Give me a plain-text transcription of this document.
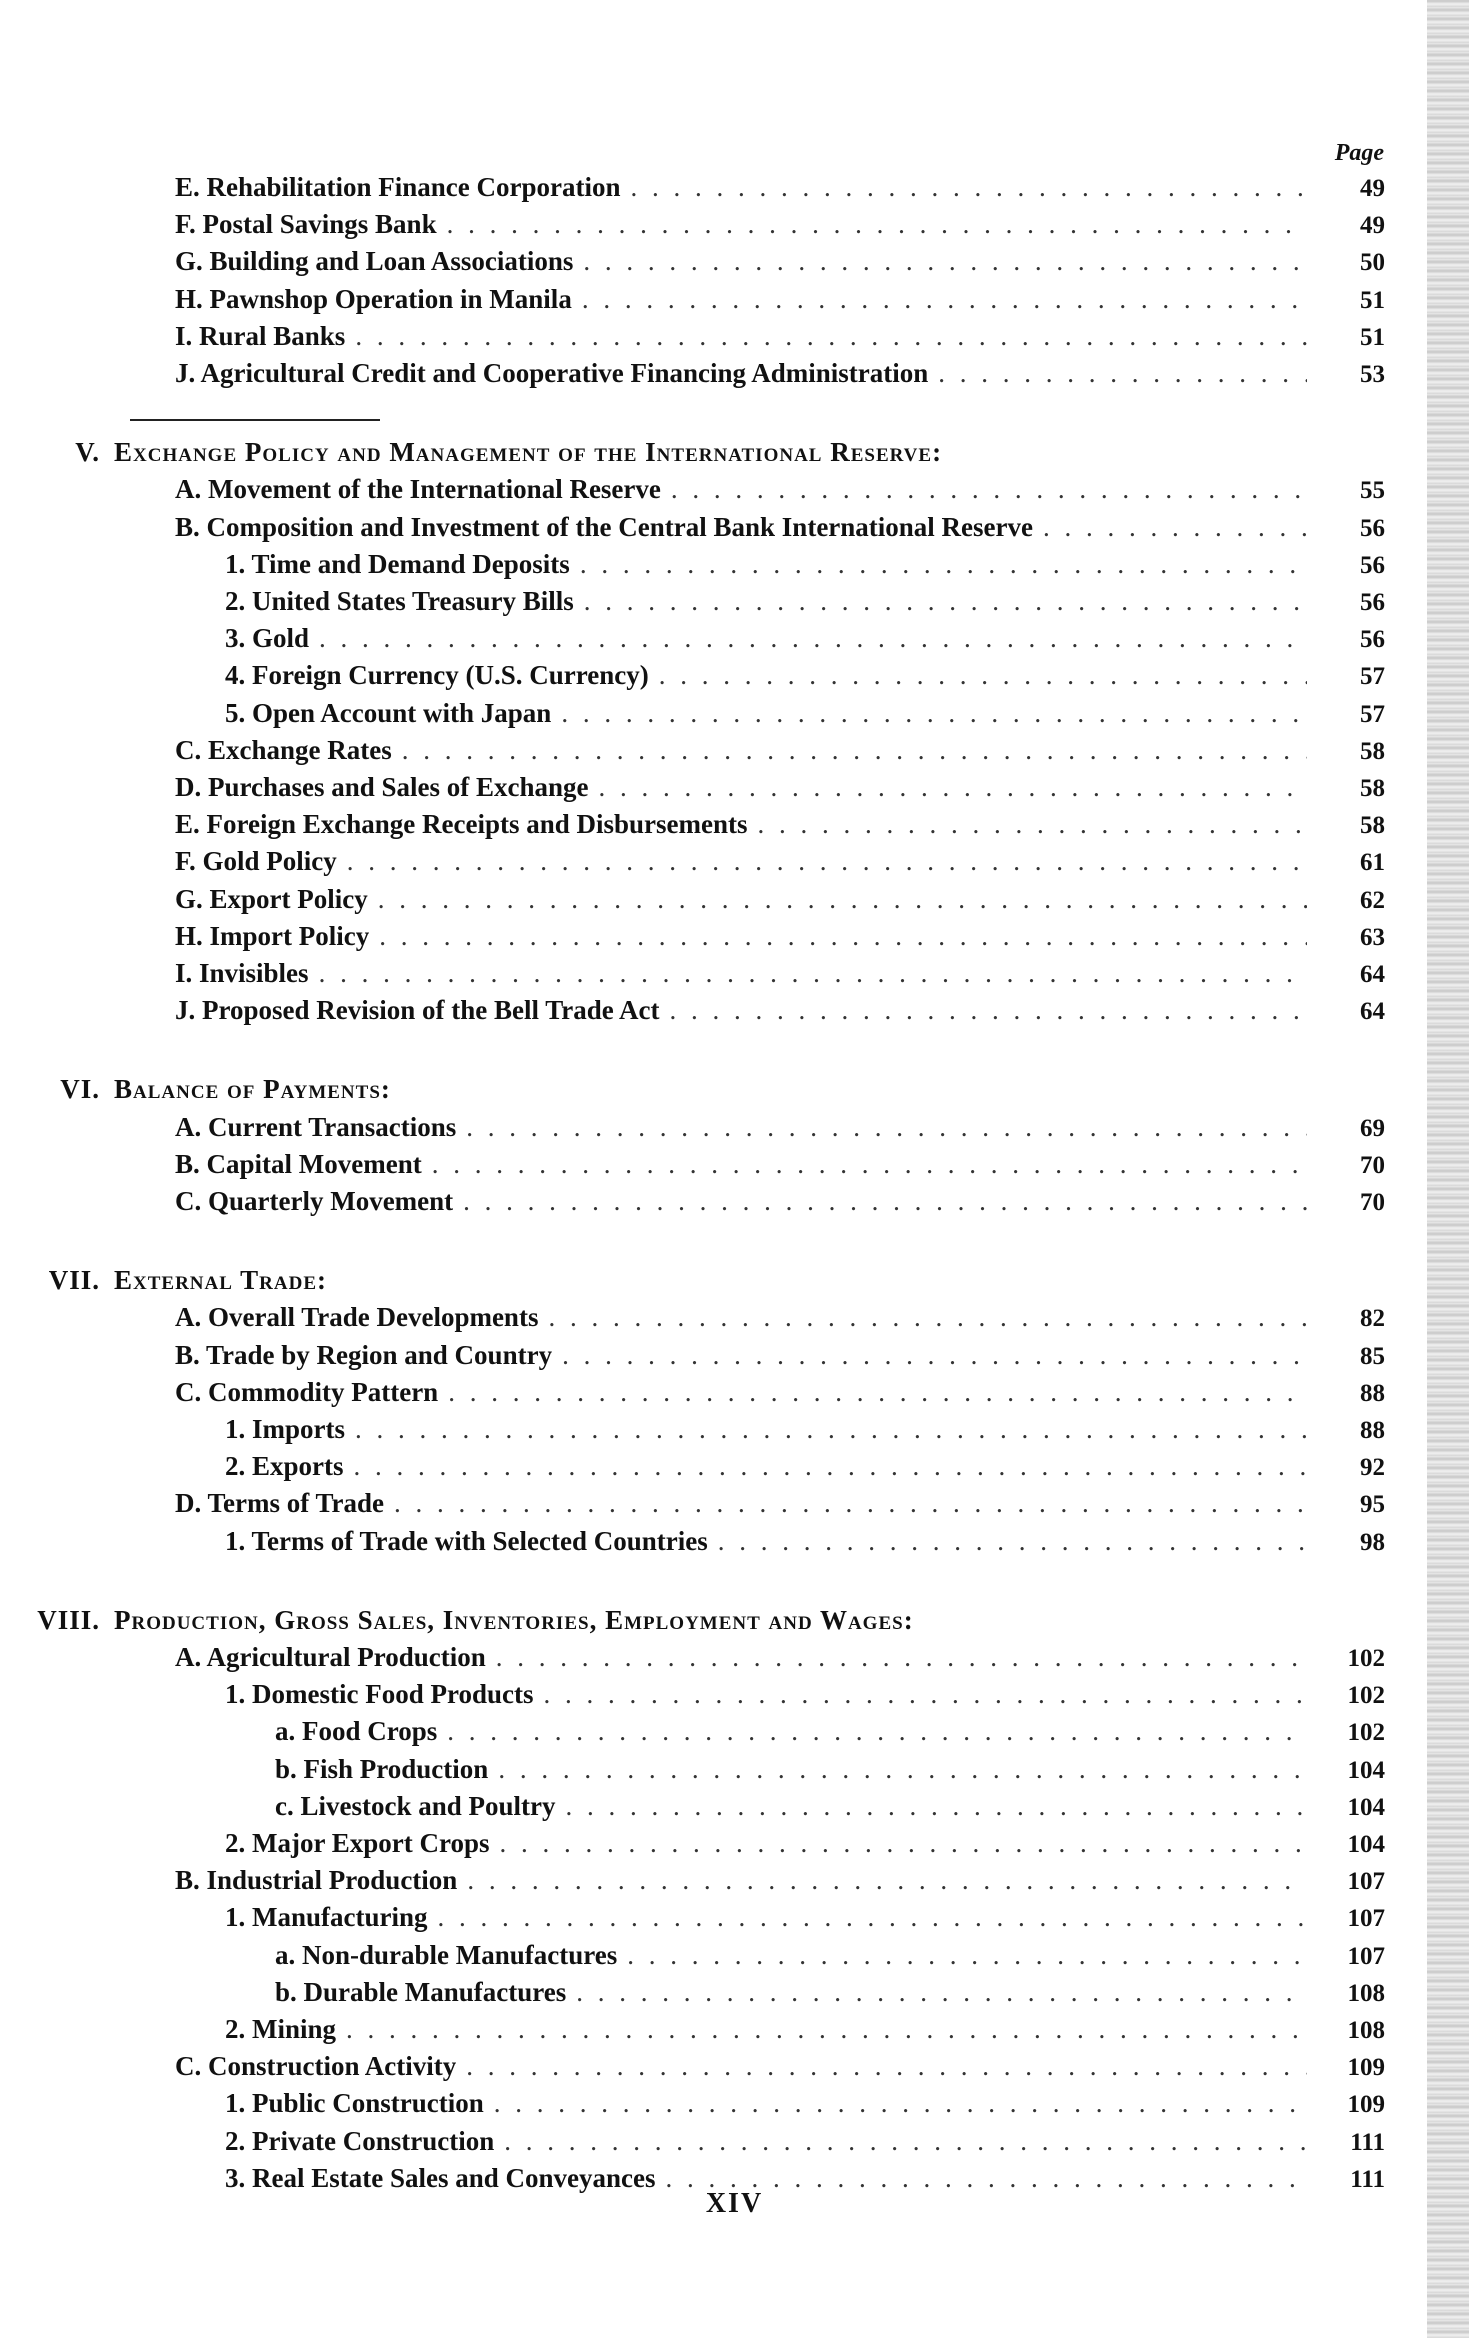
Page
E. Rehabilitation Finance Corporation . . .	49
F. Postal Savings Bank . . .	49
G. Building and Loan Associations . . .	50
H. Pawnshop Operation in Manila . . .	51
I. Rural Banks . . .	51
J. Agricultural Credit and Cooperative Financing Administration . . .	53
V. Exchange Policy and Management of the International Reserve:
A. Movement of the International Reserve . . .	55
B. Composition and Investment of the Central Bank International Reserve . . .	56
1. Time and Demand Deposits . . .	56
2. United States Treasury Bills . . .	56
3. Gold . . .	56
4. Foreign Currency (U.S. Currency) . . .	57
5. Open Account with Japan . . .	57
C. Exchange Rates . . .	58
D. Purchases and Sales of Exchange . . .	58
E. Foreign Exchange Receipts and Disbursements . . .	58
F. Gold Policy . . .	61
G. Export Policy . . .	62
H. Import Policy . . .	63
I. Invisibles . . .	64
J. Proposed Revision of the Bell Trade Act . . .	64
VI. Balance of Payments:
A. Current Transactions . . .	69
B. Capital Movement . . .	70
C. Quarterly Movement . . .	70
VII. External Trade:
A. Overall Trade Developments . . .	82
B. Trade by Region and Country . . .	85
C. Commodity Pattern . . .	88
1. Imports . . .	88
2. Exports . . .	92
D. Terms of Trade . . .	95
1. Terms of Trade with Selected Countries . . .	98
VIII. Production, Gross Sales, Inventories, Employment and Wages:
A. Agricultural Production . . .	102
1. Domestic Food Products . . .	102
a. Food Crops . . .	102
b. Fish Production . . .	104
c. Livestock and Poultry . . .	104
2. Major Export Crops . . .	104
B. Industrial Production . . .	107
1. Manufacturing . . .	107
a. Non-durable Manufactures . . .	107
b. Durable Manufactures . . .	108
2. Mining . . .	108
C. Construction Activity . . .	109
1. Public Construction . . .	109
2. Private Construction . . .	111
3. Real Estate Sales and Conveyances . . .	111
XIV
